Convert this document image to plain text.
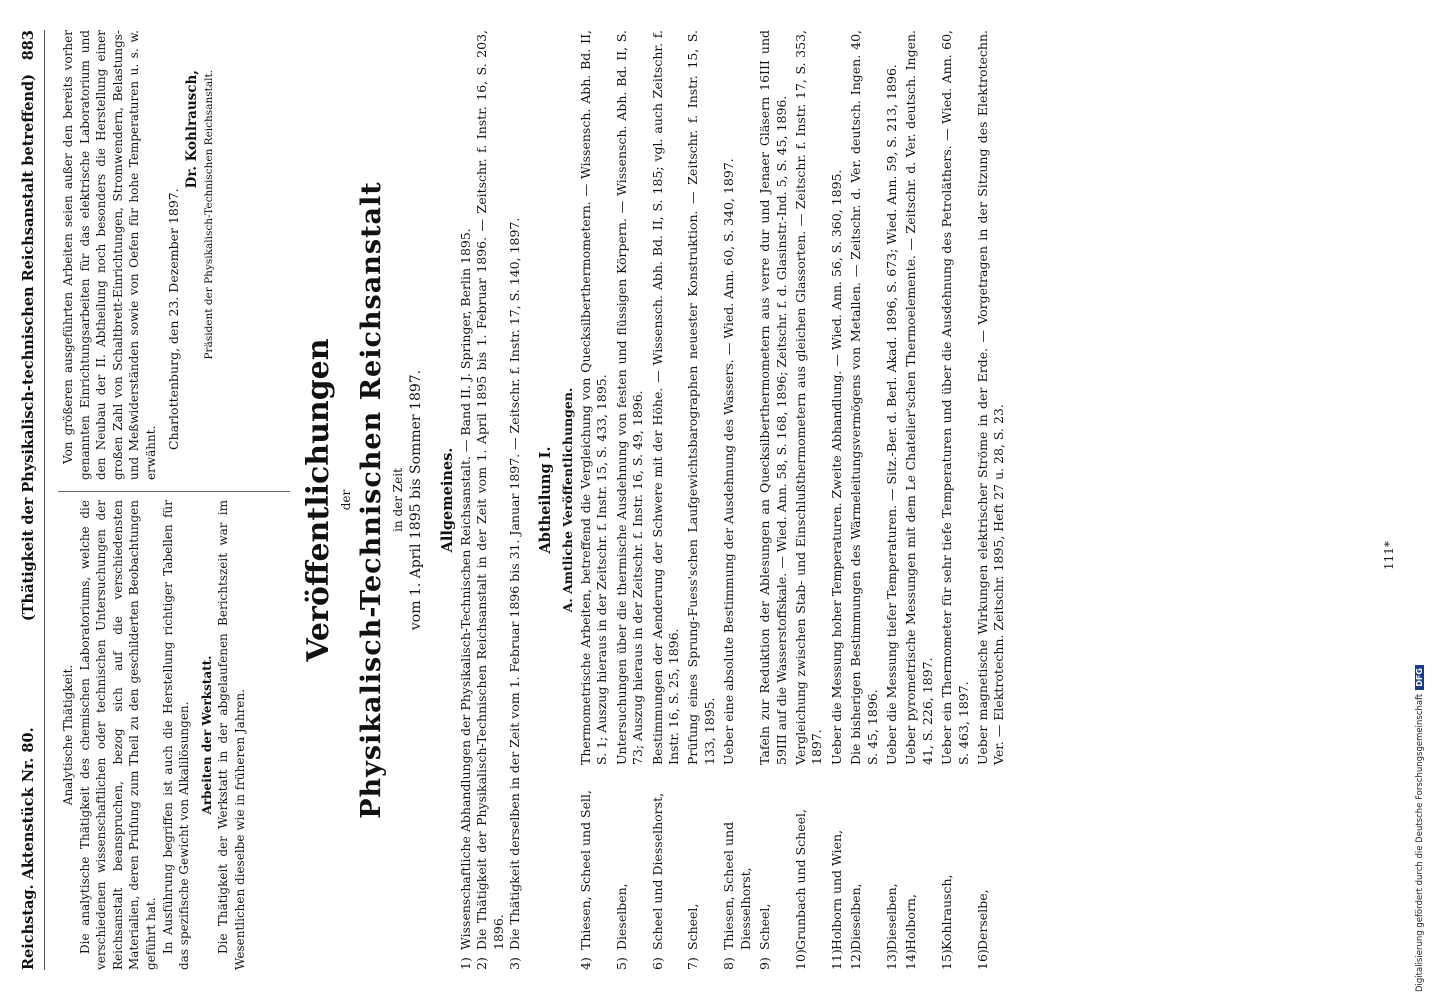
Reichstag. Aktenstück Nr. 80.
(Thätigkeit der Physikalisch-technischen Reichsanstalt betreffend)
883
Analytische Thätigkeit. Die analytische Thätigkeit des chemischen Laboratoriums, welche die verschiedenen wissenschaftlichen oder technischen Untersuchungen der Reichsanstalt beanspruchen, bezog sich auf die verschiedensten Materialien, deren Prüfung zum Theil zu den geschilderten Beobachtungen geführt hat. In Ausführung begriffen ist auch die Herstellung richtiger Tabellen für das spezifische Gewicht von Alkalilösungen. Arbeiten der Werkstatt. Die Thätigkeit der Werkstatt in der abgelaufenen Berichtszeit war im Wesentlichen dieselbe wie in früheren Jahren.

Von größeren ausgeführten Arbeiten seien außer den bereits vorher genannten Einrichtungsarbeiten für das elektrische Laboratorium und den Neubau der II. Abtheilung noch besonders die Herstellung einer großen Zahl von Schaltbrett-Einrichtungen, Stromwendern, Belastungs- und Meßwiderständen sowie von Oefen für hohe Temperaturen u. s. w. erwähnt.

Charlottenburg, den 23. Dezember 1897.
Dr. Kohlrausch, Präsident der Physikalisch-Technischen Reichsanstalt.
Veröffentlichungen der Physikalisch-Technischen Reichsanstalt in der Zeit vom 1. April 1895 bis Sommer 1897. Allgemeines.
1)
Wissenschaftliche Abhandlungen der Physikalisch-Technischen Reichsanstalt. — Band II. J. Springer, Berlin 1895.
2)
Die Thätigkeit der Physikalisch-Technischen Reichsanstalt in der Zeit vom 1. April 1895 bis 1. Februar 1896. — Zeitschr. f. Instr. 16, S. 203, 1896.
3)
Die Thätigkeit derselben in der Zeit vom 1. Februar 1896 bis 31. Januar 1897. — Zeitschr. f. Instr. 17, S. 140, 1897. Abtheilung I. A. Amtliche Veröffentlichungen.
4)
Thiesen, Scheel und Sell,
Thermometrische Arbeiten, betreffend die Vergleichung von Quecksilberthermometern. — Wissensch. Abh. Bd. II, S. 1; Auszug hieraus in der Zeitschr. f. Instr. 15, S. 433, 1895.
5)
Dieselben,
Untersuchungen über die thermische Ausdehnung von festen und flüssigen Körpern. — Wissensch. Abh. Bd. II, S. 73; Auszug hieraus in der Zeitschr. f. Instr. 16, S. 49, 1896.
6)
Scheel und Diesselhorst,
Bestimmungen der Aenderung der Schwere mit der Höhe. — Wissensch. Abh. Bd. II, S. 185; vgl. auch Zeitschr. f. Instr. 16, S. 25, 1896.
7)
Scheel,
Prüfung eines Sprung-Fuess'schen Laufgewichtsbarographen neuester Konstruktion. — Zeitschr. f. Instr. 15, S. 133, 1895.
8)
Thiesen, Scheel und Diesselhorst,
Ueber eine absolute Bestimmung der Ausdehnung des Wassers. — Wied. Ann. 60, S. 340, 1897.
9)
Scheel,
Tafeln zur Reduktion der Ablesungen an Quecksilberthermometern aus verre dur und Jenaer Gläsern 16III und 59III auf die Wasserstoffskale. — Wied. Ann. 58, S. 168, 1896; Zeitschr. f. d. Glasinstr.-Ind. 5, S. 45, 1896.
10)
Grunbach und Scheel,
Vergleichung zwischen Stab- und Einschlußthermometern aus gleichen Glassorten. — Zeitschr. f. Instr. 17, S. 353, 1897.
11)
Holborn und Wien,
Ueber die Messung hoher Temperaturen. Zweite Abhandlung. — Wied. Ann. 56, S. 360, 1895.
12)
Dieselben,
Die bisherigen Bestimmungen des Wärmeleitungsvermögens von Metallen. — Zeitschr. d. Ver. deutsch. Ingen. 40, S. 45, 1896.
13)
Dieselben,
Ueber die Messung tiefer Temperaturen. — Sitz.-Ber. d. Berl. Akad. 1896, S. 673; Wied. Ann. 59, S. 213, 1896.
14)
Holborn,
Ueber pyrometrische Messungen mit dem Le Chatelier'schen Thermoelemente. — Zeitschr. d. Ver. deutsch. Ingen. 41, S. 226, 1897.
15)
Kohlrausch,
Ueber ein Thermometer für sehr tiefe Temperaturen und über die Ausdehnung des Petroläthers. — Wied. Ann. 60, S. 463, 1897.
16)
Derselbe,
Ueber magnetische Wirkungen elektrischer Ströme in der Erde. — Vorgetragen in der Sitzung des Elektrotechn. Ver. — Elektrotechn. Zeitschr. 1895, Heft 27 u. 28, S. 23.	111*
Digitalisierung gefördert durch die Deutsche ForschungsgemeinschaftDFG
